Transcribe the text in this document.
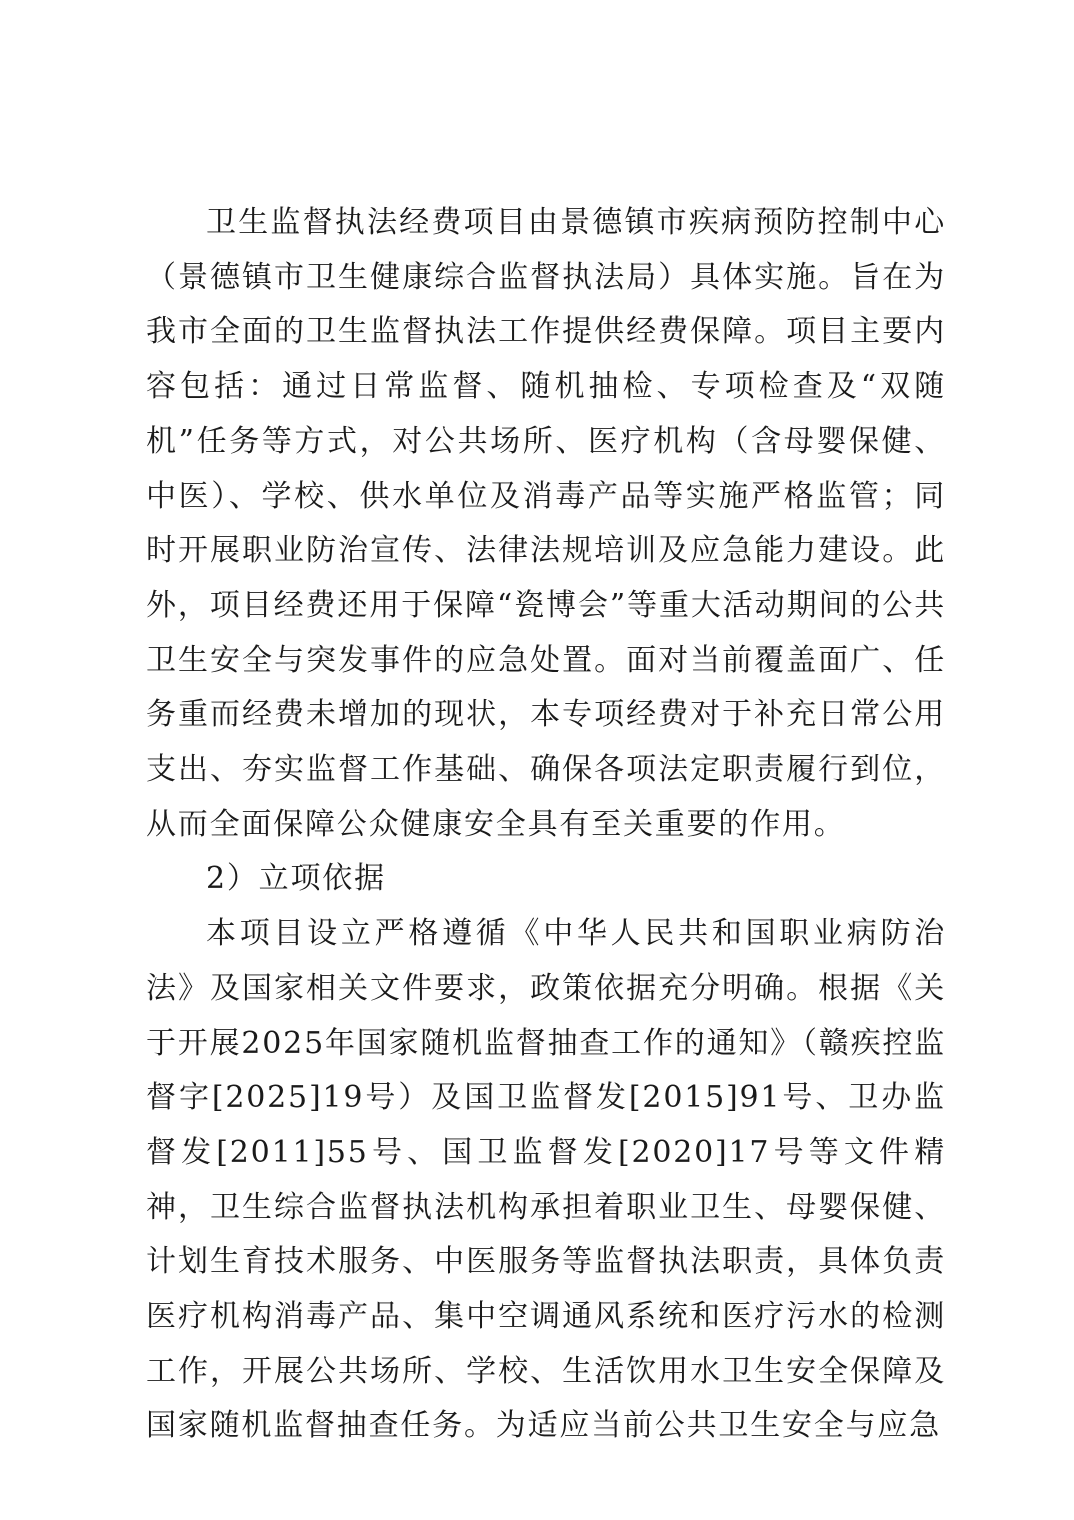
卫生监督执法经费项目由景德镇市疾病预防控制中心（景德镇市卫生健康综合监督执法局）具体实施。旨在为我市全面的卫生监督执法工作提供经费保障。项目主要内容包括：通过日常监督、随机抽检、专项检查及“双随机”任务等方式，对公共场所、医疗机构（含母婴保健、中医）、学校、供水单位及消毒产品等实施严格监管；同时开展职业防治宣传、法律法规培训及应急能力建设。此外，项目经费还用于保障“瓷博会”等重大活动期间的公共卫生安全与突发事件的应急处置。面对当前覆盖面广、任务重而经费未增加的现状，本专项经费对于补充日常公用支出、夯实监督工作基础、确保各项法定职责履行到位，从而全面保障公众健康安全具有至关重要的作用。

2）立项依据

本项目设立严格遵循《中华人民共和国职业病防治法》及国家相关文件要求，政策依据充分明确。根据《关于开展2025年国家随机监督抽查工作的通知》（赣疾控监督字[2025]19号）及国卫监督发[2015]91号、卫办监督发[2011]55号、国卫监督发[2020]17号等文件精神，卫生综合监督执法机构承担着职业卫生、母婴保健、计划生育技术服务、中医服务等监督执法职责，具体负责医疗机构消毒产品、集中空调通风系统和医疗污水的检测工作，开展公共场所、学校、生活饮用水卫生安全保障及国家随机监督抽查任务。为适应当前公共卫生安全与应急
